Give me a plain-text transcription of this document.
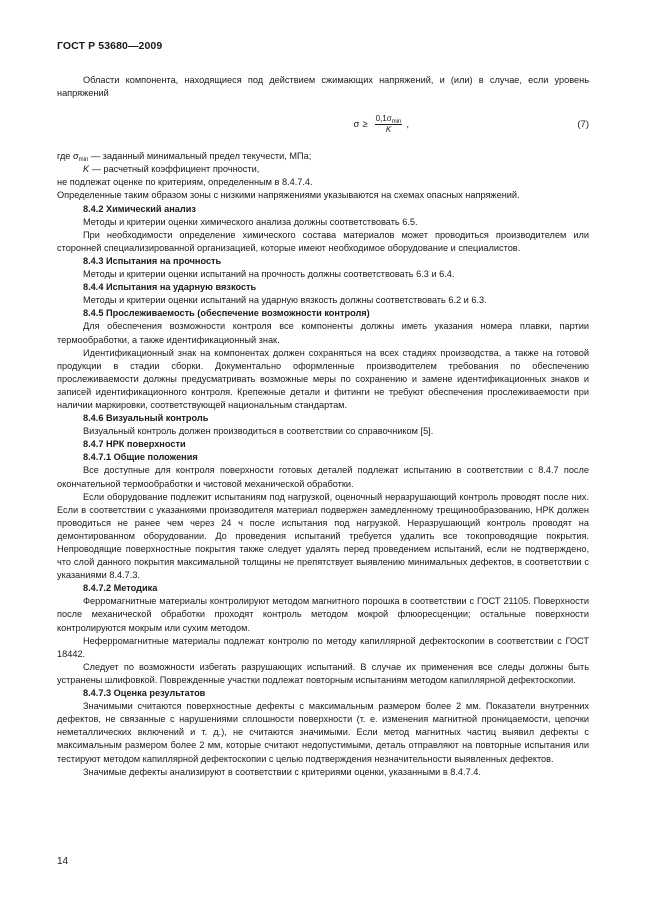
ГОСТ Р 53680—2009

Области компонента, находящиеся под действием сжимающих напряжений, и (или) в случае, если уровень напряжений

$\sigma \ge \frac{0,1\sigma_{min}}{K}$ ,	(7)

где $\sigma_{min}$ — заданный минимальный предел текучести, МПа;

K — расчетный коэффициент прочности,

не подлежат оценке по критериям, определенным в 8.4.7.4.

Определенные таким образом зоны с низкими напряжениями указываются на схемах опасных напряжений.

8.4.2 Химический анализ

Методы и критерии оценки химического анализа должны соответствовать 6.5.

При необходимости определение химического состава материалов может проводиться производителем или сторонней специализированной организацией, которые имеют необходимое оборудование и специалистов.

8.4.3 Испытания на прочность

Методы и критерии оценки испытаний на прочность должны соответствовать 6.3 и 6.4.

8.4.4 Испытания на ударную вязкость

Методы и критерии оценки испытаний на ударную вязкость должны соответствовать 6.2 и 6.3.

8.4.5 Прослеживаемость (обеспечение возможности контроля)

Для обеспечения возможности контроля все компоненты должны иметь указания номера плавки, партии термообработки, а также идентификационный знак.

Идентификационный знак на компонентах должен сохраняться на всех стадиях производства, а также на готовой продукции в стадии сборки. Документально оформленные производителем требования по обеспечению прослеживаемости должны предусматривать возможные меры по сохранению и замене идентификационных знаков и записей идентификационного контроля. Крепежные детали и фитинги не требуют обеспечения прослеживаемости при наличии маркировки, соответствующей национальным стандартам.

8.4.6 Визуальный контроль

Визуальный контроль должен производиться в соответствии со справочником [5].

8.4.7 НРК поверхности

8.4.7.1 Общие положения

Все доступные для контроля поверхности готовых деталей подлежат испытанию в соответствии с 8.4.7 после окончательной термообработки и чистовой механической обработки.

Если оборудование подлежит испытаниям под нагрузкой, оценочный неразрушающий контроль проводят после них. Если в соответствии с указаниями производителя материал подвержен замедленному трещинообразованию, НРК должен проводиться не ранее чем через 24 ч после испытания под нагрузкой. Неразрушающий контроль проводят на демонтированном оборудовании. До проведения испытаний требуется удалить все токопроводящие покрытия. Непроводящие поверхностные покрытия также следует удалять перед проведением испытаний, если не подтверждено, что слой данного покрытия максимальной толщины не препятствует выявлению минимальных дефектов, в соответствии с указаниями 8.4.7.3.

8.4.7.2 Методика

Ферромагнитные материалы контролируют методом магнитного порошка в соответствии с ГОСТ 21105. Поверхности после механической обработки проходят контроль методом мокрой флюоресценции; остальные поверхности контролируются мокрым или сухим методом.

Неферромагнитные материалы подлежат контролю по методу капиллярной дефектоскопии в соответствии с ГОСТ 18442.

Следует по возможности избегать разрушающих испытаний. В случае их применения все следы должны быть устранены шлифовкой. Поврежденные участки подлежат повторным испытаниям методом капиллярной дефектоскопии.

8.4.7.3 Оценка результатов

Значимыми считаются поверхностные дефекты с максимальным размером более 2 мм. Показатели внутренних дефектов, не связанные с нарушениями сплошности поверхности (т. е. изменения магнитной проницаемости, цепочки неметаллических включений и т. д.), не считаются значимыми. Если метод магнитных частиц выявил дефекты с максимальным размером более 2 мм, которые считают недопустимыми, деталь отправляют на повторные испытания или тестируют методом капиллярной дефектоскопии с целью подтверждения незначительности выявленных дефектов.

Значимые дефекты анализируют в соответствии с критериями оценки, указанными в 8.4.7.4.

14
